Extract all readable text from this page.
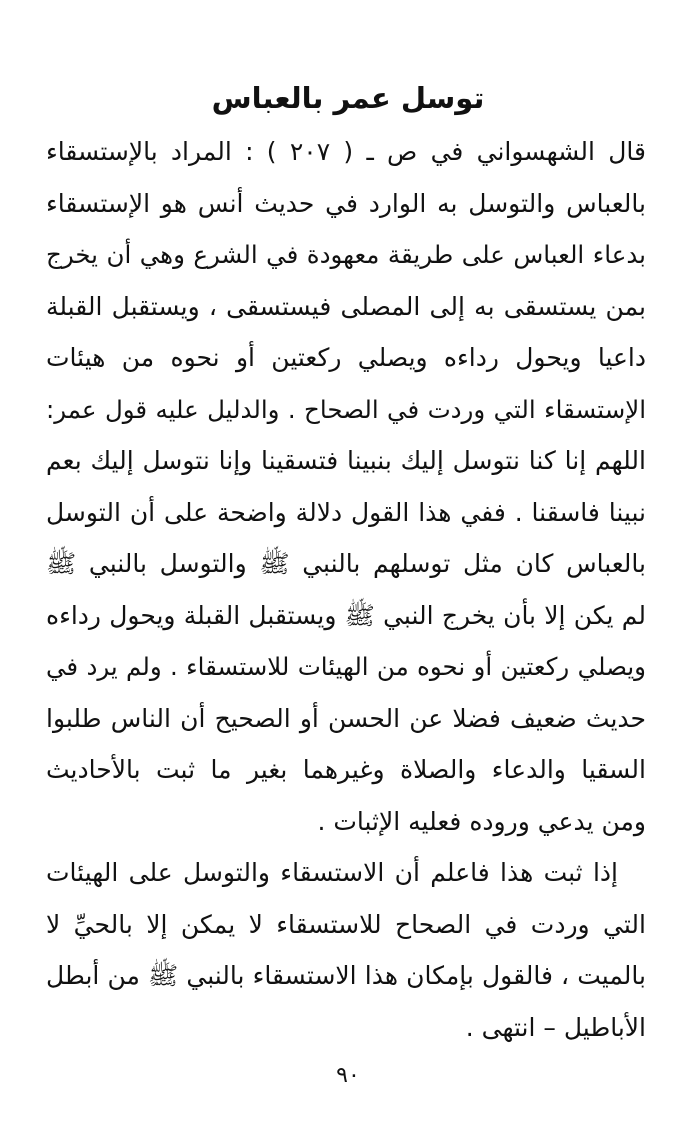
توسل عمر بالعباس
قال الشهسواني في ص ـ ( ٢٠٧ ) : المراد بالإستسقاء
بالعباس والتوسل به الوارد في حديث أنس هو الإستسقاء
بدعاء العباس على طريقة معهودة في الشرع وهي أن يخرج
بمن يستسقى به إلى المصلى فيستسقى ، ويستقبل القبلة
داعيا ويحول رداءه ويصلي ركعتين أو نحوه من هيئات
الإستسقاء التي وردت في الصحاح . والدليل عليه قول عمر:
اللهم إنا كنا نتوسل إليك بنبينا فتسقينا وإنا نتوسل إليك بعم
نبينا فاسقنا . ففي هذا القول دلالة واضحة على أن التوسل
بالعباس كان مثل توسلهم بالنبي ﷺ والتوسل بالنبي ﷺ
لم يكن إلا بأن يخرج النبي ﷺ ويستقبل القبلة ويحول رداءه
ويصلي ركعتين أو نحوه من الهيئات للاستسقاء . ولم يرد في
حديث ضعيف فضلا عن الحسن أو الصحيح أن الناس طلبوا
السقيا والدعاء والصلاة وغيرهما بغير ما ثبت بالأحاديث
ومن يدعي وروده فعليه الإثبات .
إذا ثبت هذا فاعلم أن الاستسقاء والتوسل على الهيئات
التي وردت في الصحاح للاستسقاء لا يمكن إلا بالحيِّ لا
بالميت ، فالقول بإمكان هذا الاستسقاء بالنبي ﷺ من أبطل
الأباطيل – انتهى .
٩٠
